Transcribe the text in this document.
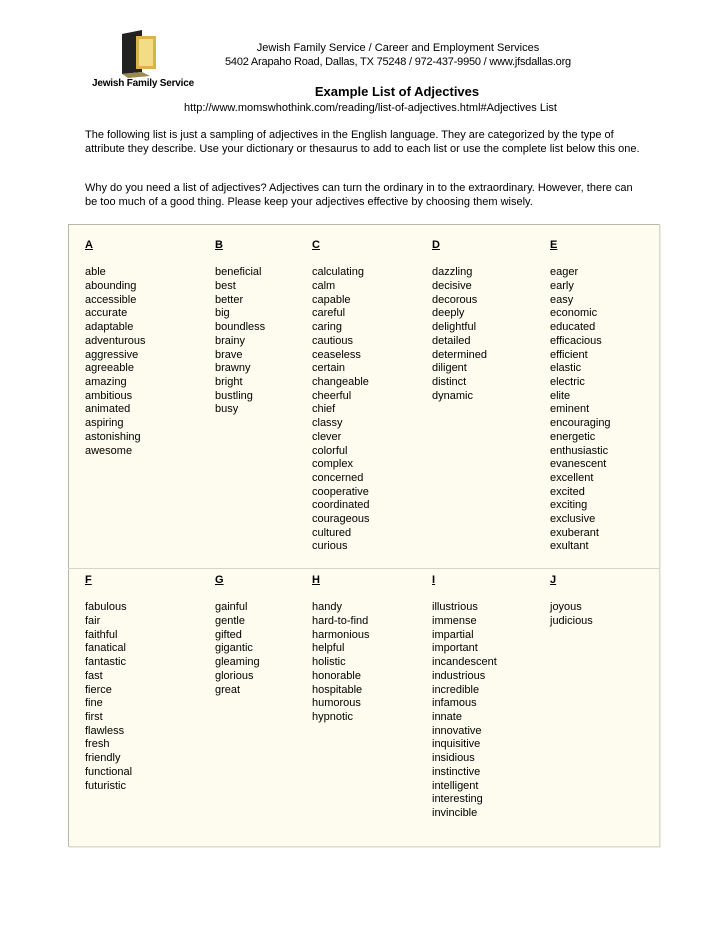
Jewish Family Service
Jewish Family Service / Career and Employment Services
5402 Arapaho Road, Dallas, TX 75248 / 972-437-9950 / www.jfsdallas.org
Example List of Adjectives
http://www.momswhothink.com/reading/list-of-adjectives.html#Adjectives List
The following list is just a sampling of adjectives in the English language. They are categorized by the type of attribute they describe. Use your dictionary or thesaurus to add to each list or use the complete list below this one.
Why do you need a list of adjectives? Adjectives can turn the ordinary in to the extraordinary. However, there can be too much of a good thing. Please keep your adjectives effective by choosing them wisely.
A
able
abounding
accessible
accurate
adaptable
adventurous
aggressive
agreeable
amazing
ambitious
animated
aspiring
astonishing
awesome
B
beneficial
best
better
big
boundless
brainy
brave
brawny
bright
bustling
busy
C
calculating
calm
capable
careful
caring
cautious
ceaseless
certain
changeable
cheerful
chief
classy
clever
colorful
complex
concerned
cooperative
coordinated
courageous
cultured
curious
D
dazzling
decisive
decorous
deeply
delightful
detailed
determined
diligent
distinct
dynamic
E
eager
early
easy
economic
educated
efficacious
efficient
elastic
electric
elite
eminent
encouraging
energetic
enthusiastic
evanescent
excellent
excited
exciting
exclusive
exuberant
exultant
F
fabulous
fair
faithful
fanatical
fantastic
fast
fierce
fine
first
flawless
fresh
friendly
functional
futuristic
G
gainful
gentle
gifted
gigantic
gleaming
glorious
great
H
handy
hard-to-find
harmonious
helpful
holistic
honorable
hospitable
humorous
hypnotic
I
illustrious
immense
impartial
important
incandescent
industrious
incredible
infamous
innate
innovative
inquisitive
insidious
instinctive
intelligent
interesting
invincible
J
joyous
judicious
